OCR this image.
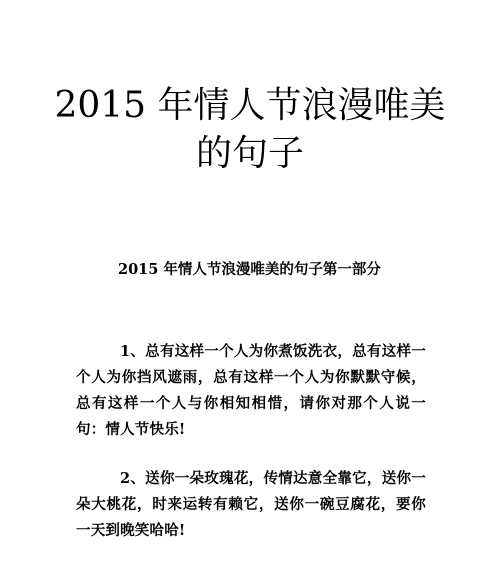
2015 年情人节浪漫唯美的句子

2015 年情人节浪漫唯美的句子第一部分

1、总有这样一个人为你煮饭洗衣，总有这样一个人为你挡风遮雨，总有这样一个人为你默默守候，总有这样一个人与你相知相惜，请你对那个人说一句：情人节快乐!

2、送你一朵玫瑰花，传情达意全靠它，送你一朵大桃花，时来运转有赖它，送你一碗豆腐花，要你一天到晚笑哈哈!
